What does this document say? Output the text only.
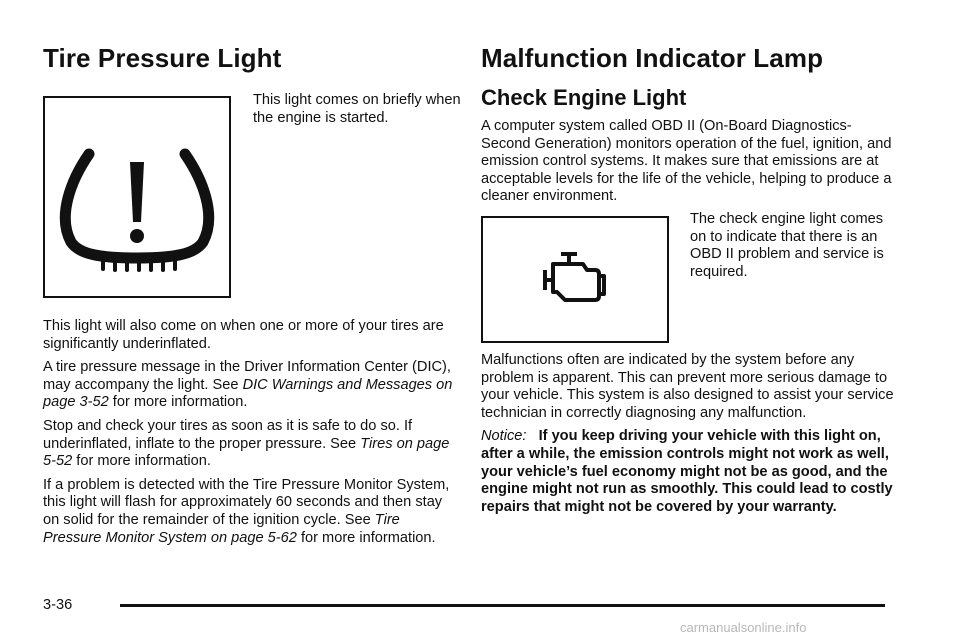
Tire Pressure Light

This light comes on briefly when the engine is started.

This light will also come on when one or more of your tires are significantly underinflated.

A tire pressure message in the Driver Information Center (DIC), may accompany the light. See DIC Warnings and Messages on page 3-52 for more information.

Stop and check your tires as soon as it is safe to do so. If underinflated, inflate to the proper pressure. See Tires on page 5-52 for more information.

If a problem is detected with the Tire Pressure Monitor System, this light will flash for approximately 60 seconds and then stay on solid for the remainder of the ignition cycle. See Tire Pressure Monitor System on page 5-62 for more information.

Malfunction Indicator Lamp
Check Engine Light

A computer system called OBD II (On-Board Diagnostics-Second Generation) monitors operation of the fuel, ignition, and emission control systems. It makes sure that emissions are at acceptable levels for the life of the vehicle, helping to produce a cleaner environment.

The check engine light comes on to indicate that there is an OBD II problem and service is required.

Malfunctions often are indicated by the system before any problem is apparent. This can prevent more serious damage to your vehicle. This system is also designed to assist your service technician in correctly diagnosing any malfunction.

Notice: If you keep driving your vehicle with this light on, after a while, the emission controls might not work as well, your vehicle’s fuel economy might not be as good, and the engine might not run as smoothly. This could lead to costly repairs that might not be covered by your warranty.

3-36
carmanualsonline.info
